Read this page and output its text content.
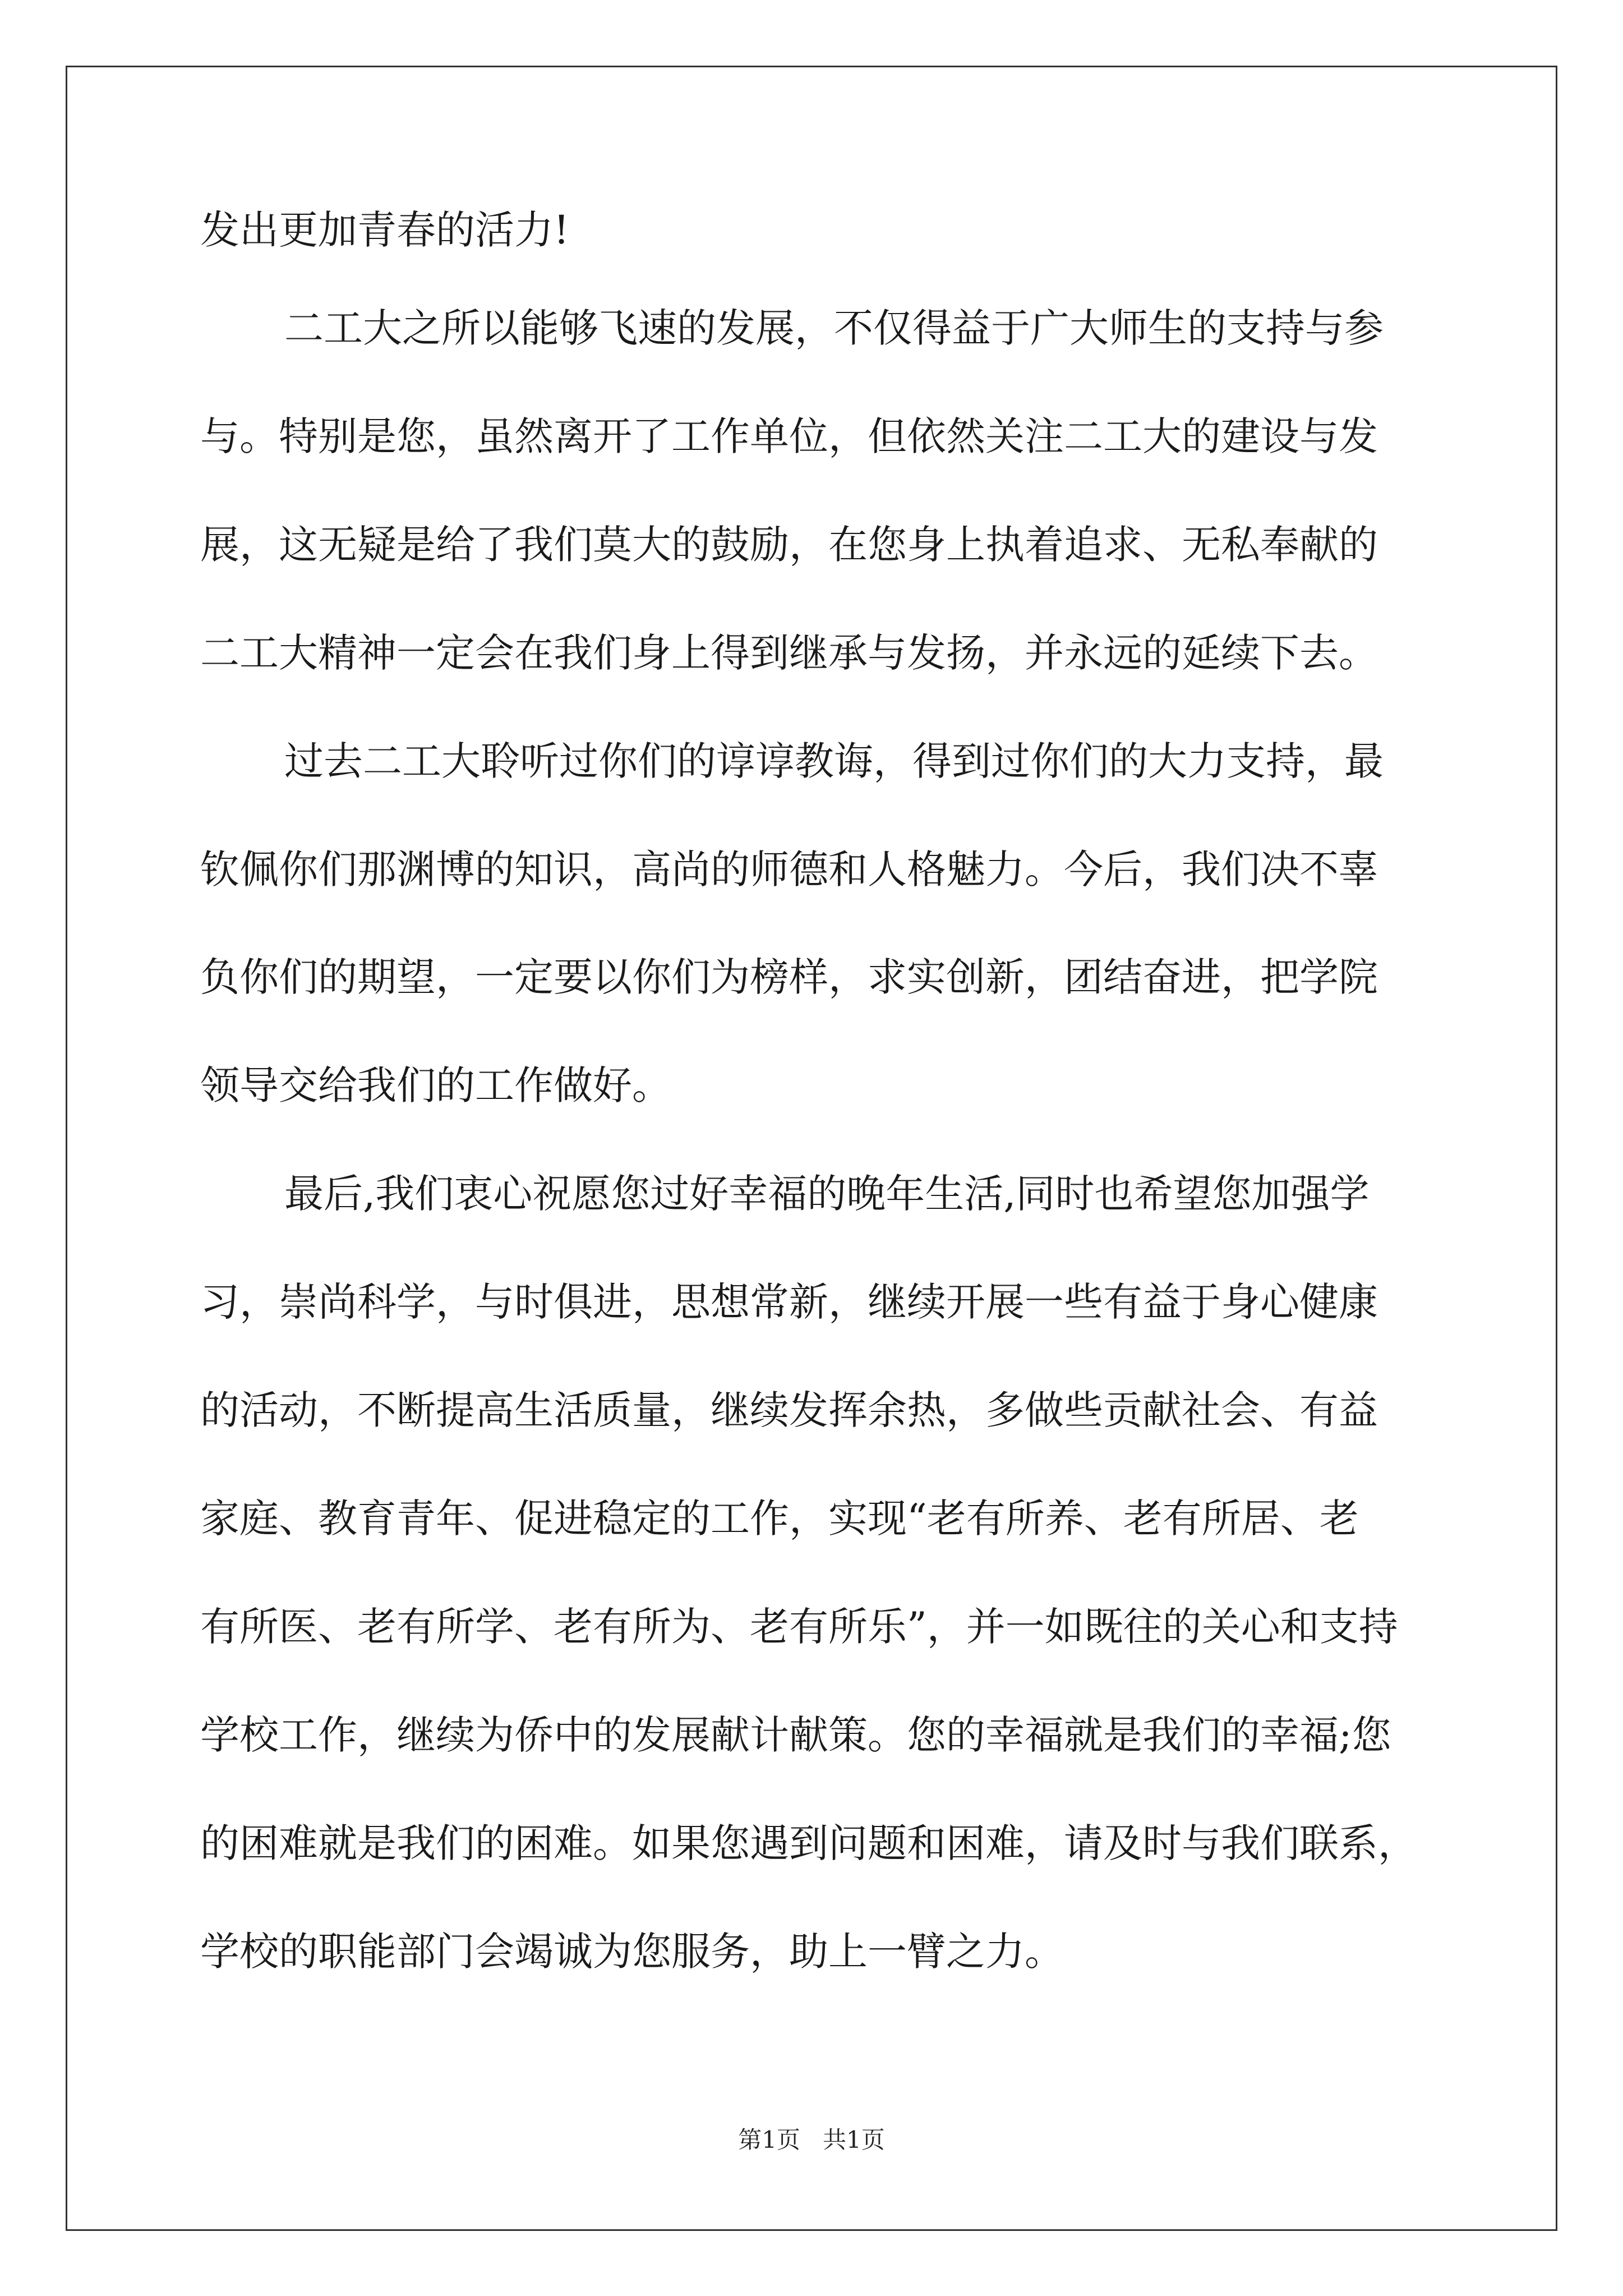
发出更加青春的活力!
二工大之所以能够飞速的发展，不仅得益于广大师生的支持与参
与。特别是您，虽然离开了工作单位，但依然关注二工大的建设与发
展，这无疑是给了我们莫大的鼓励，在您身上执着追求、无私奉献的
二工大精神一定会在我们身上得到继承与发扬，并永远的延续下去。
过去二工大聆听过你们的谆谆教诲，得到过你们的大力支持，最
钦佩你们那渊博的知识，高尚的师德和人格魅力。今后，我们决不辜
负你们的期望，一定要以你们为榜样，求实创新，团结奋进，把学院
领导交给我们的工作做好。
最后,我们衷心祝愿您过好幸福的晚年生活,同时也希望您加强学
习，崇尚科学，与时俱进，思想常新，继续开展一些有益于身心健康
的活动，不断提高生活质量，继续发挥余热，多做些贡献社会、有益
家庭、教育青年、促进稳定的工作，实现“老有所养、老有所居、老
有所医、老有所学、老有所为、老有所乐”，并一如既往的关心和支持
学校工作，继续为侨中的发展献计献策。您的幸福就是我们的幸福;您
的困难就是我们的困难。如果您遇到问题和困难，请及时与我们联系，
学校的职能部门会竭诚为您服务，助上一臂之力。
第1页   共1页
